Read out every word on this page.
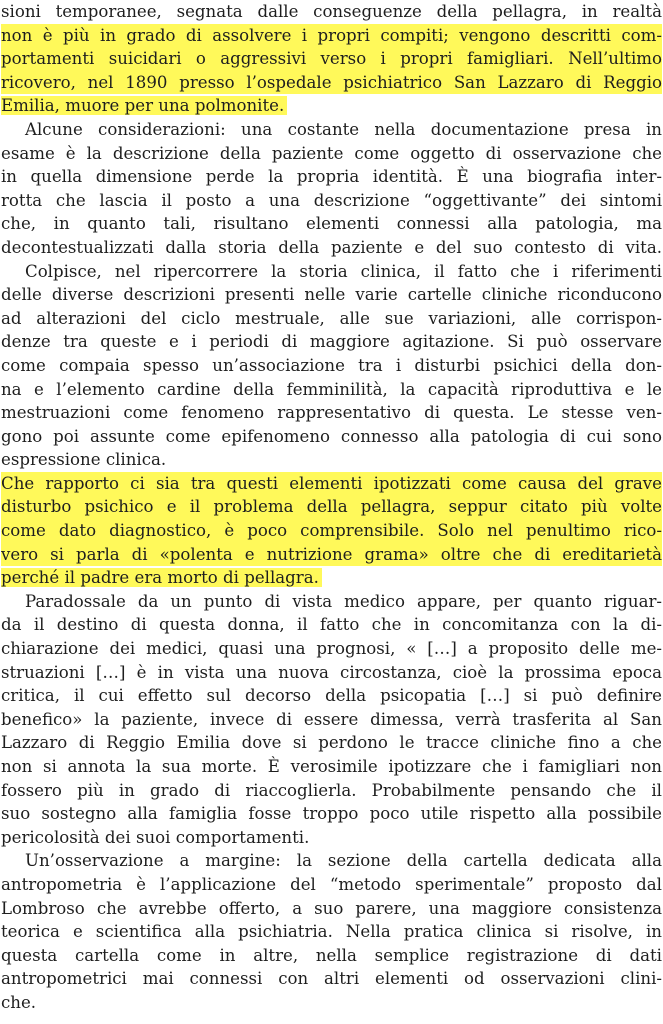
sioni temporanee, segnata dalle conseguenze della pellagra, in realtà
non è più in grado di assolvere i propri compiti; vengono descritti com-
portamenti suicidari o aggressivi verso i propri famigliari. Nell’ultimo
ricovero, nel 1890 presso l’ospedale psichiatrico San Lazzaro di Reggio
Emilia, muore per una polmonite.
Alcune considerazioni: una costante nella documentazione presa in
esame è la descrizione della paziente come oggetto di osservazione che
in quella dimensione perde la propria identità. È una biografia inter-
rotta che lascia il posto a una descrizione “oggettivante” dei sintomi
che, in quanto tali, risultano elementi connessi alla patologia, ma
decontestualizzati dalla storia della paziente e del suo contesto di vita.
Colpisce, nel ripercorrere la storia clinica, il fatto che i riferimenti
delle diverse descrizioni presenti nelle varie cartelle cliniche riconducono
ad alterazioni del ciclo mestruale, alle sue variazioni, alle corrispon-
denze tra queste e i periodi di maggiore agitazione. Si può osservare
come compaia spesso un’associazione tra i disturbi psichici della don-
na e l’elemento cardine della femminilità, la capacità riproduttiva e le
mestruazioni come fenomeno rappresentativo di questa. Le stesse ven-
gono poi assunte come epifenomeno connesso alla patologia di cui sono
espressione clinica.
Che rapporto ci sia tra questi elementi ipotizzati come causa del grave
disturbo psichico e il problema della pellagra, seppur citato più volte
come dato diagnostico, è poco comprensibile. Solo nel penultimo rico-
vero si parla di «polenta e nutrizione grama» oltre che di ereditarietà
perché il padre era morto di pellagra.
Paradossale da un punto di vista medico appare, per quanto riguar-
da il destino di questa donna, il fatto che in concomitanza con la di-
chiarazione dei medici, quasi una prognosi, « […] a proposito delle me-
struazioni […] è in vista una nuova circostanza, cioè la prossima epoca
critica, il cui effetto sul decorso della psicopatia […] si può definire
benefico» la paziente, invece di essere dimessa, verrà trasferita al San
Lazzaro di Reggio Emilia dove si perdono le tracce cliniche fino a che
non si annota la sua morte. È verosimile ipotizzare che i famigliari non
fossero più in grado di riaccoglierla. Probabilmente pensando che il
suo sostegno alla famiglia fosse troppo poco utile rispetto alla possibile
pericolosità dei suoi comportamenti.
Un’osservazione a margine: la sezione della cartella dedicata alla
antropometria è l’applicazione del “metodo sperimentale” proposto dal
Lombroso che avrebbe offerto, a suo parere, una maggiore consistenza
teorica e scientifica alla psichiatria. Nella pratica clinica si risolve, in
questa cartella come in altre, nella semplice registrazione di dati
antropometrici mai connessi con altri elementi od osservazioni clini-
che.
